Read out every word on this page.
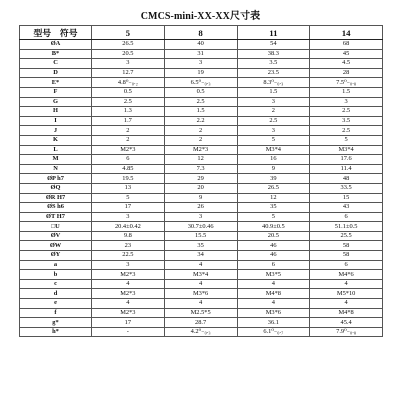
CMCS-mini-XX-XX尺寸表
型号　符号	5	8	11	14
ØA	26.5	40	54	68
B*	20.5	31	38.3	45
C	3	3	3.5	4.5
D	12.7	19	23.5	28
E*	4.8⁰₋₀.₂	6.5⁰₋₀.₃	8.3⁰₋₀.₃	7.5⁰₋₀.₈
F	0.5	0.5	1.5	1.5
G	2.5	2.5	3	3
H	1.3	1.5	2	2.5
I	1.7	2.2	2.5	3.5
J	2	2	3	2.5
K	2	2	5	5
L	M2*3	M2*3	M3*4	M3*4
M	6	12	16	17.6
N	4.85	7.3	9	11.4
ØP h7	19.5	29	39	48
ØQ	13	20	26.5	33.5
ØR H7	5	9	12	15
ØS h6	17	26	35	43
ØT H7	3	3	5	6
□U	20.4±0.42	30.7±0.46	40.9±0.5	51.1±0.5
ØV	9.8	15.5	20.5	25.5
ØW	23	35	46	58
ØY	22.5	34	46	58
a	3	4	6	6
b	M2*3	M3*4	M3*5	M4*6
c	4	4	4	4
d	M2*3	M3*6	M4*8	M5*10
e	4	4	4	4
f	M2*3	M2.5*5	M3*6	M4*8
g*	17	28.7	36.1	45.4
h*	-	4.2⁰₋₀.₃	6.1⁰₋₀.₇	7.9⁰₋₀.₈
